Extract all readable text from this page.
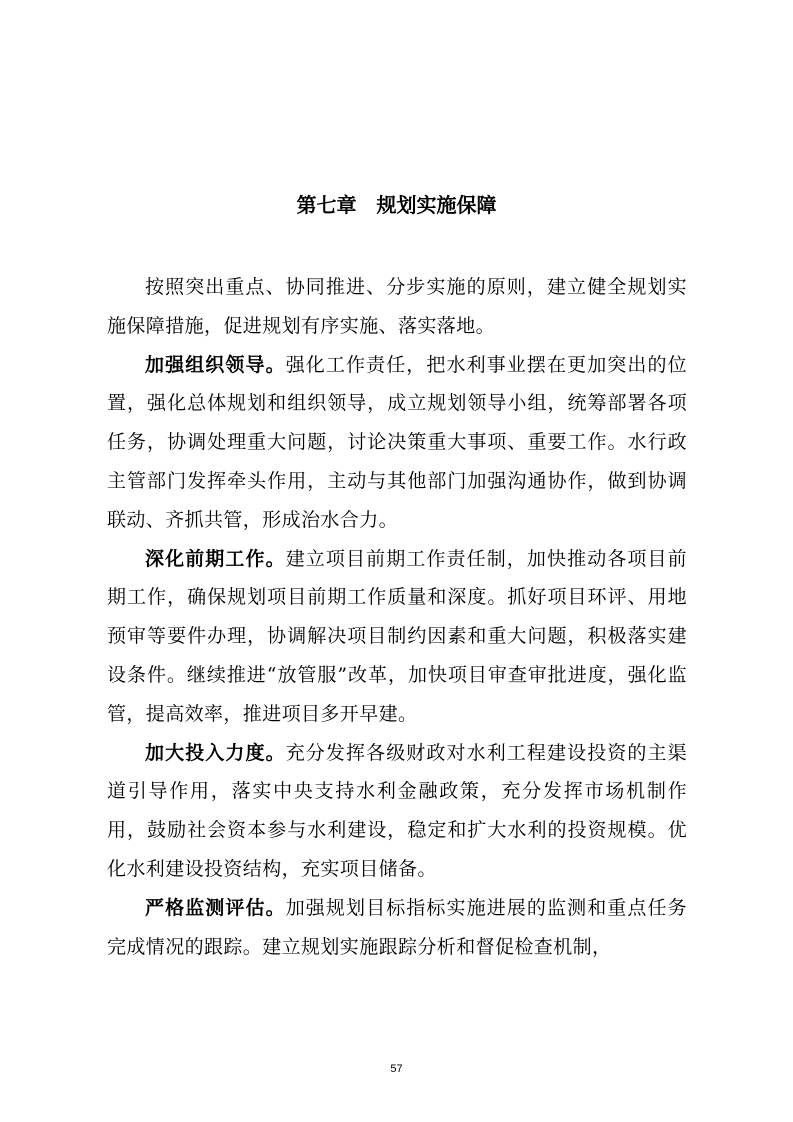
第七章　规划实施保障

按照突出重点、协同推进、分步实施的原则，建立健全规划实施保障措施，促进规划有序实施、落实落地。

加强组织领导。强化工作责任，把水利事业摆在更加突出的位置，强化总体规划和组织领导，成立规划领导小组，统筹部署各项任务，协调处理重大问题，讨论决策重大事项、重要工作。水行政主管部门发挥牵头作用，主动与其他部门加强沟通协作，做到协调联动、齐抓共管，形成治水合力。

深化前期工作。建立项目前期工作责任制，加快推动各项目前期工作，确保规划项目前期工作质量和深度。抓好项目环评、用地预审等要件办理，协调解决项目制约因素和重大问题，积极落实建设条件。继续推进“放管服”改革，加快项目审查审批进度，强化监管，提高效率，推进项目多开早建。

加大投入力度。充分发挥各级财政对水利工程建设投资的主渠道引导作用，落实中央支持水利金融政策，充分发挥市场机制作用，鼓励社会资本参与水利建设，稳定和扩大水利的投资规模。优化水利建设投资结构，充实项目储备。

严格监测评估。加强规划目标指标实施进展的监测和重点任务完成情况的跟踪。建立规划实施跟踪分析和督促检查机制，

57
